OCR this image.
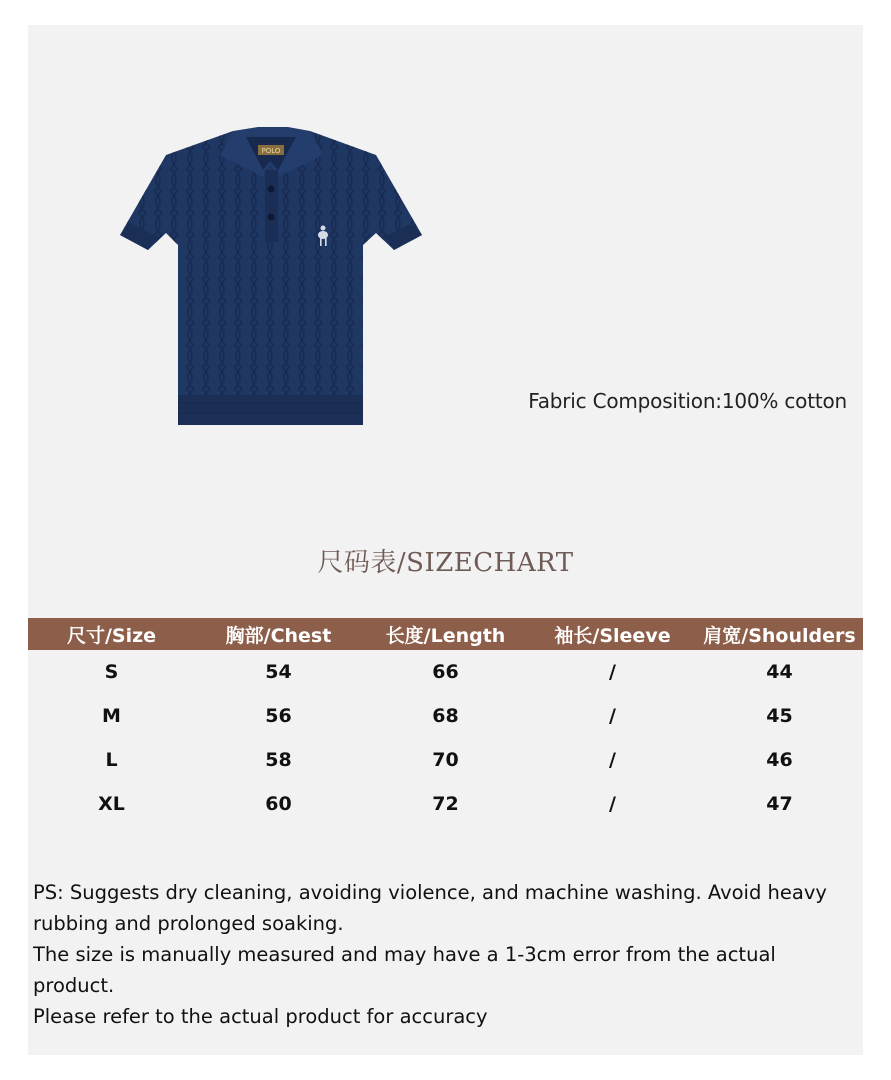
POLO
Fabric Composition:100% cotton
尺码表/SIZECHART
尺寸/Size	胸部/Chest	长度/Length	袖长/Sleeve	肩宽/Shoulders
S	54	66	/	44
M	56	68	/	45
L	58	70	/	46
XL	60	72	/	47

PS: Suggests dry cleaning, avoiding violence, and machine washing. Avoid heavy rubbing and prolonged soaking.

The size is manually measured and may have a 1-3cm error from the actual product.

Please refer to the actual product for accuracy
